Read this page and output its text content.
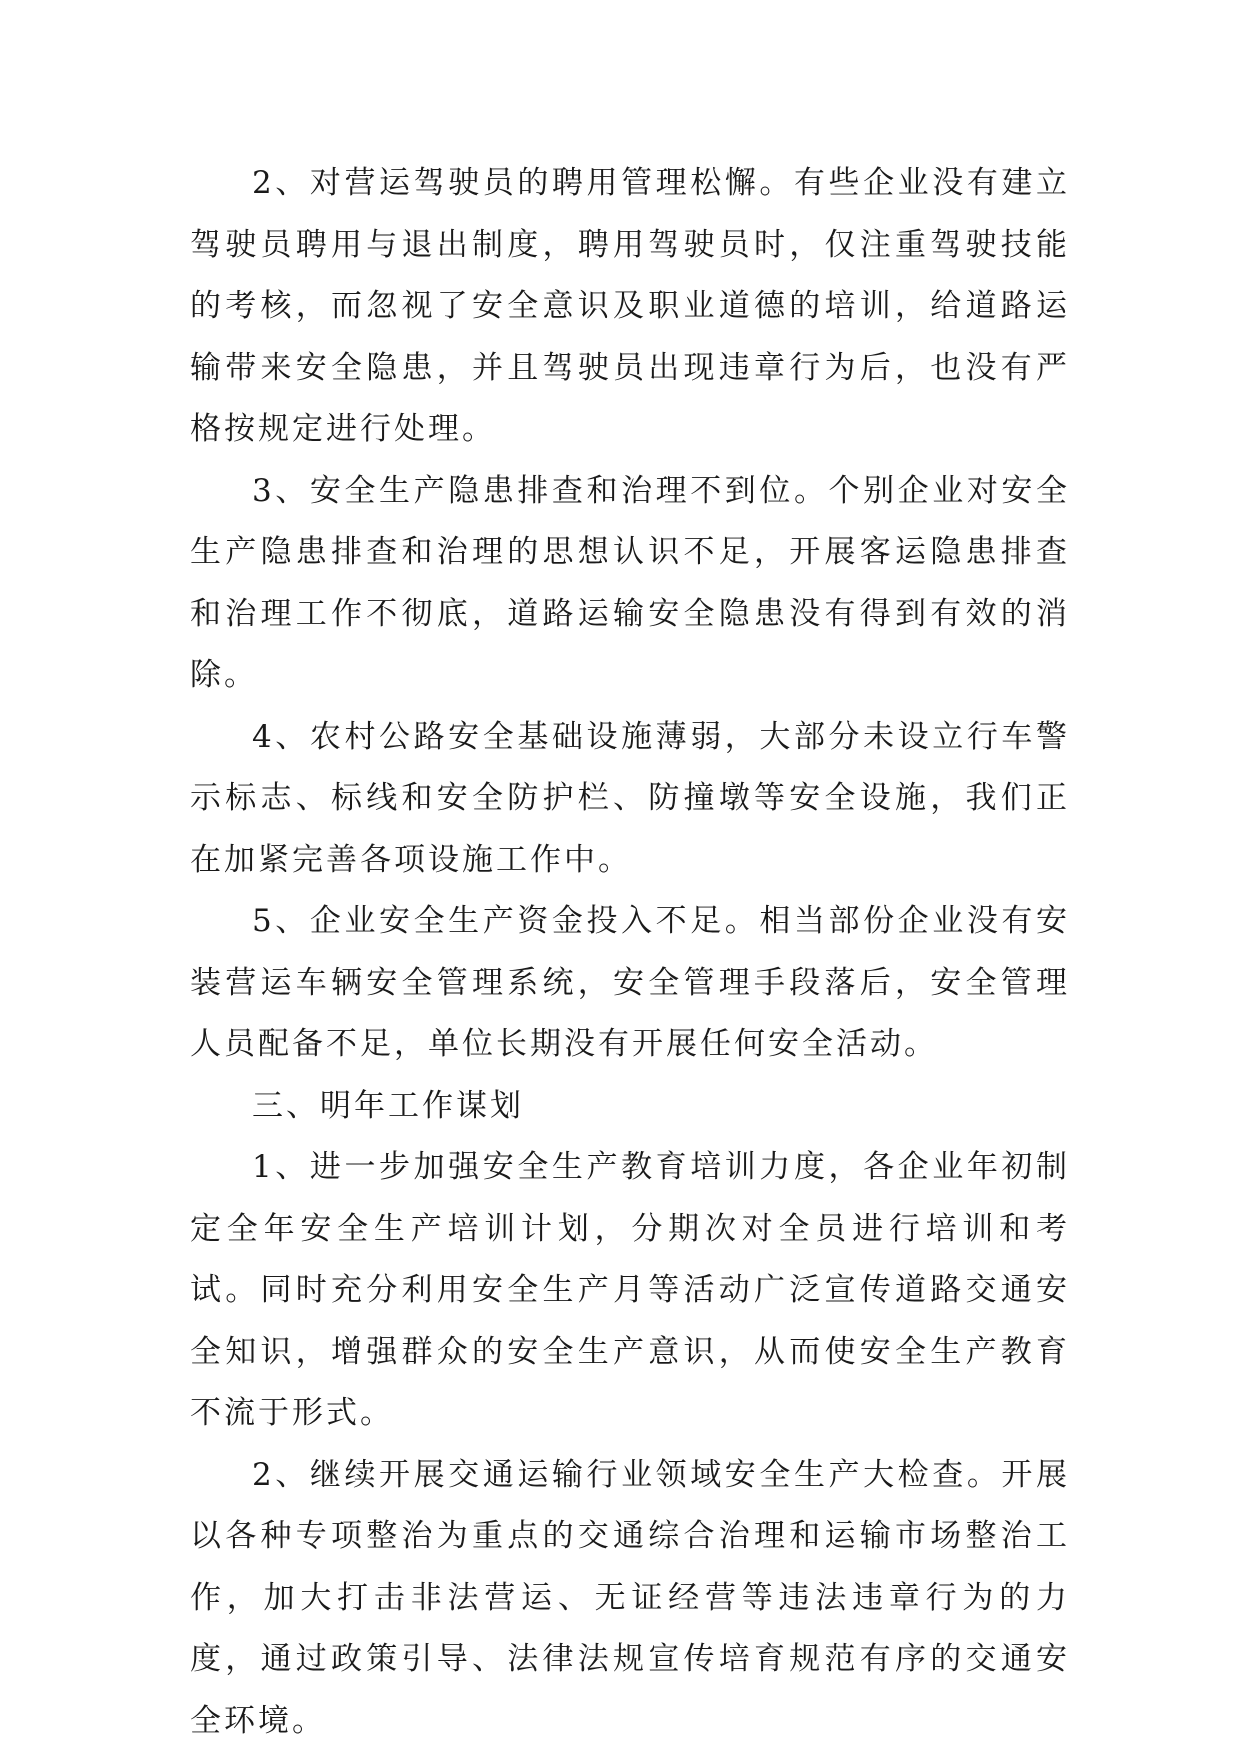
2、对营运驾驶员的聘用管理松懈。有些企业没有建立驾驶员聘用与退出制度，聘用驾驶员时，仅注重驾驶技能的考核，而忽视了安全意识及职业道德的培训，给道路运输带来安全隐患，并且驾驶员出现违章行为后，也没有严格按规定进行处理。

3、安全生产隐患排查和治理不到位。个别企业对安全生产隐患排查和治理的思想认识不足，开展客运隐患排查和治理工作不彻底，道路运输安全隐患没有得到有效的消除。

4、农村公路安全基础设施薄弱，大部分未设立行车警示标志、标线和安全防护栏、防撞墩等安全设施，我们正在加紧完善各项设施工作中。

5、企业安全生产资金投入不足。相当部份企业没有安装营运车辆安全管理系统，安全管理手段落后，安全管理人员配备不足，单位长期没有开展任何安全活动。

三、明年工作谋划

1、进一步加强安全生产教育培训力度，各企业年初制定全年安全生产培训计划，分期次对全员进行培训和考试。同时充分利用安全生产月等活动广泛宣传道路交通安全知识，增强群众的安全生产意识，从而使安全生产教育不流于形式。

2、继续开展交通运输行业领域安全生产大检查。开展以各种专项整治为重点的交通综合治理和运输市场整治工作，加大打击非法营运、无证经营等违法违章行为的力度，通过政策引导、法律法规宣传培育规范有序的交通安全环境。
